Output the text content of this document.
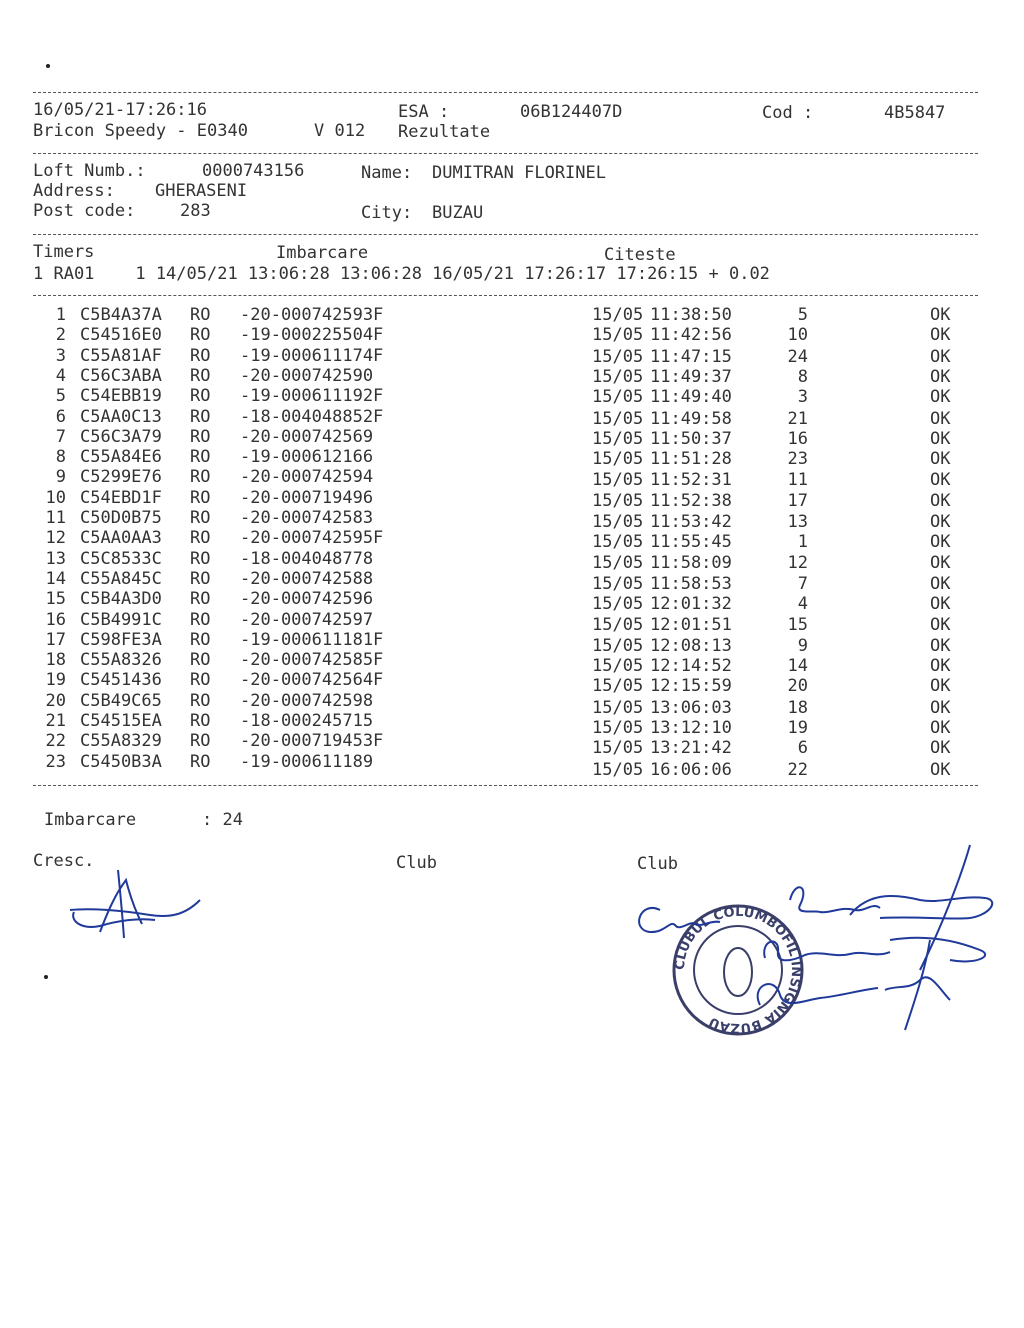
16/05/21-17:26:16	ESA :	06B124407D	Cod :	4B5847
Bricon Speedy - E0340	V 012 Rezultate
Loft Numb.:	0000743156	Name: DUMITRAN FLORINEL
Address: GHERASENI
Post code:	283	City: BUZAU
Timers	Imbarcare	Citeste
1 RA01    1 14/05/21 13:06:28 13:06:28 16/05/21 17:26:17 17:26:15 + 0.02
1 C5B4A37A RO -20-000742593F	15/05 11:38:50	5	OK
2 C54516E0 RO -19-000225504F	15/05 11:42:56	10	OK
3 C55A81AF RO -19-000611174F	15/05 11:47:15	24	OK
4 C56C3ABA RO -20-000742590	15/05 11:49:37	8	OK
5 C54EBB19 RO -19-000611192F	15/05 11:49:40	3	OK
6 C5AA0C13 RO -18-004048852F	15/05 11:49:58	21	OK
7 C56C3A79 RO -20-000742569	15/05 11:50:37	16	OK
8 C55A84E6 RO -19-000612166	15/05 11:51:28	23	OK
9 C5299E76 RO -20-000742594	15/05 11:52:31	11	OK
10 C54EBD1F RO -20-000719496	15/05 11:52:38	17	OK
11 C50D0B75 RO -20-000742583	15/05 11:53:42	13	OK
12 C5AA0AA3 RO -20-000742595F	15/05 11:55:45	1	OK
13 C5C8533C RO -18-004048778	15/05 11:58:09	12	OK
14 C55A845C RO -20-000742588	15/05 11:58:53	7	OK
15 C5B4A3D0 RO -20-000742596	15/05 12:01:32	4	OK
16 C5B4991C RO -20-000742597	15/05 12:01:51	15	OK
17 C598FE3A RO -19-000611181F	15/05 12:08:13	9	OK
18 C55A8326 RO -20-000742585F	15/05 12:14:52	14	OK
19 C5451436 RO -20-000742564F	15/05 12:15:59	20	OK
20 C5B49C65 RO -20-000742598	15/05 13:06:03	18	OK
21 C54515EA RO -18-000245715	15/05 13:12:10	19	OK
22 C55A8329 RO -20-000719453F	15/05 13:21:42	6	OK
23 C5450B3A RO -19-000611189	15/05 16:06:06	22	OK
Imbarcare	: 24
Cresc.	Club	Club
CLUBUL COLUMBOFIL INSIGNIA BUZAU
